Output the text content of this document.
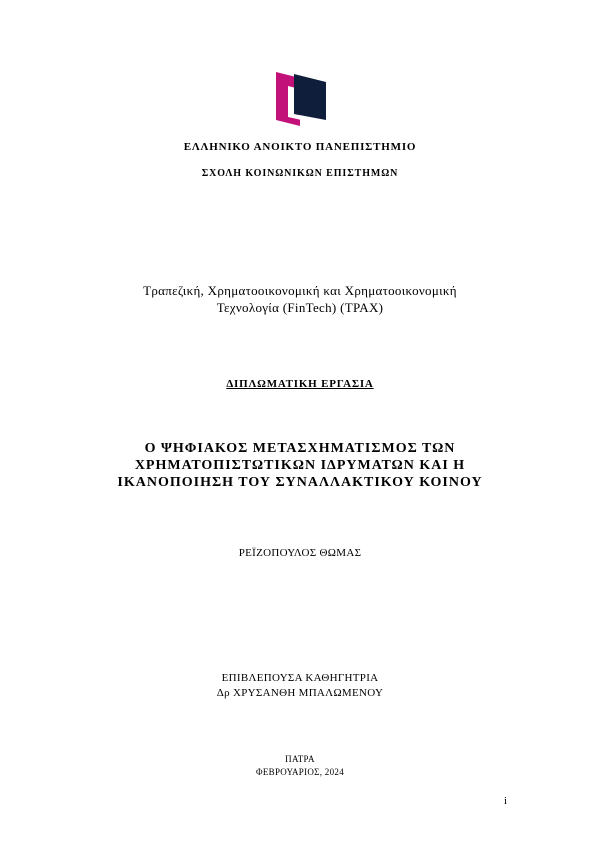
ΕΛΛΗΝΙΚΟ ΑΝΟΙΚΤΟ ΠΑΝΕΠΙΣΤΗΜΙΟ
ΣΧΟΛΗ ΚΟΙΝΩΝΙΚΩΝ ΕΠΙΣΤΗΜΩΝ
Τραπεζική, Χρηματοοικονομική και Χρηματοοικονομική
Τεχνολογία (FinTech) (ΤΡΑΧ)
ΔΙΠΛΩΜΑΤΙΚΗ ΕΡΓΑΣΙΑ
Ο ΨΗΦΙΑΚΟΣ ΜΕΤΑΣΧΗΜΑΤΙΣΜΟΣ ΤΩΝ
ΧΡΗΜΑΤΟΠΙΣΤΩΤΙΚΩΝ ΙΔΡΥΜΑΤΩΝ ΚΑΙ Η
ΙΚΑΝΟΠΟΙΗΣΗ ΤΟΥ ΣΥΝΑΛΛΑΚΤΙΚΟΥ ΚΟΙΝΟΥ
ΡΕΪΖΟΠΟΥΛΟΣ ΘΩΜΑΣ
ΕΠΙΒΛΕΠΟΥΣΑ ΚΑΘΗΓΗΤΡΙΑ
Δρ ΧΡΥΣΑΝΘΗ ΜΠΑΛΩΜΕΝΟΥ
ΠΑΤΡΑ
ΦΕΒΡΟΥΑΡΙΟΣ, 2024
i
